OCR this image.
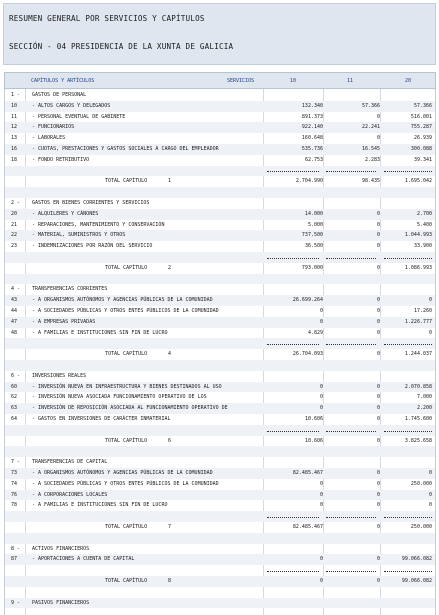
RESUMEN GENERAL POR SERVICIOS Y CAPÍTULOS
SECCIÓN - 04 PRESIDENCIA DE LA XUNTA DE GALICIA
CAPÍTULOS Y ARTÍCULOS	SERVICIOS	10	11	20
1 - GASTOS DE PERSONAL
10	- ALTOS CARGOS Y DELEGADOS	132.340	57.366	57.366
11	- PERSONAL EVENTUAL DE GABINETE	891.373	0	516.001
12	- FUNCIONARIOS	922.140	22.241	755.287
13	- LABORALES	160.648	0	26.939
16	- CUOTAS, PRESTACIONES Y GASTOS SOCIALES A CARGO DEL EMPLEADOR	535.736	16.545	300.088
18	- FONDO RETRIBUTIVO	62.753	2.283	39.341
TOTAL CAPÍTULO	1	2.704.990	98.435	1.695.042
2 - GASTOS EN BIENES CORRIENTES Y SERVICIOS
20	- ALQUILERES Y CÁNONES	14.000	0	2.700
21	- REPARACIONES, MANTENIMIENTO Y CONSERVACIÓN	5.000	0	5.400
22	- MATERIAL, SUMINISTROS Y OTROS	737.500	0	1.044.993
23	- INDEMNIZACIONES POR RAZÓN DEL SERVICIO	36.500	0	33.900
TOTAL CAPÍTULO	2	793.000	0	1.086.993
4 - TRANSFERENCIAS CORRIENTES
43	- A ORGANISMOS AUTÓNOMOS Y AGENCIAS PÚBLICAS DE LA COMUNIDAD	26.699.264	0	0
44	- A SOCIEDADES PÚBLICAS Y OTROS ENTES PÚBLICOS DE LA COMUNIDAD	0	0	17.260
47	- A EMPRESAS PRIVADAS	0	0	1.226.777
48	- A FAMILIAS E INSTITUCIONES SIN FIN DE LUCRO	4.829	0	0
TOTAL CAPÍTULO	4	26.704.093	0	1.244.037
6 - INVERSIONES REALES
60	- INVERSIÓN NUEVA EN INFRAESTRUCTURA Y BIENES DESTINADOS AL USO	0	0	2.070.858
62	- INVERSIÓN NUEVA ASOCIADA FUNCIONAMIENTO OPERATIVO DE LOS	0	0	7.000
63	- INVERSIÓN DE REPOSICIÓN ASOCIADA AL FUNCIONAMIENTO OPERATIVO DE	0	0	2.200
64	- GASTOS EN INVERSIONES DE CARÁCTER INMATERIAL	10.606	0	1.745.600
TOTAL CAPÍTULO	6	10.606	0	3.825.658
7 - TRANSFERENCIAS DE CAPITAL
73	- A ORGANISMOS AUTÓNOMOS Y AGENCIAS PÚBLICAS DE LA COMUNIDAD	82.485.467	0	0
74	- A SOCIEDADES PÚBLICAS Y OTROS ENTES PÚBLICOS DE LA COMUNIDAD	0	0	250.000
76	- A CORPORACIONES LOCALES	0	0	0
78	- A FAMILIAS E INSTITUCIONES SIN FIN DE LUCRO	0	0	0
TOTAL CAPÍTULO	7	82.485.467	0	250.000
8 - ACTIVOS FINANCIEROS
87	- APORTACIONES A CUENTA DE CAPITAL	0	0	99.066.082
TOTAL CAPÍTULO	8	0	0	99.066.082
9 - PASIVOS FINANCIEROS
